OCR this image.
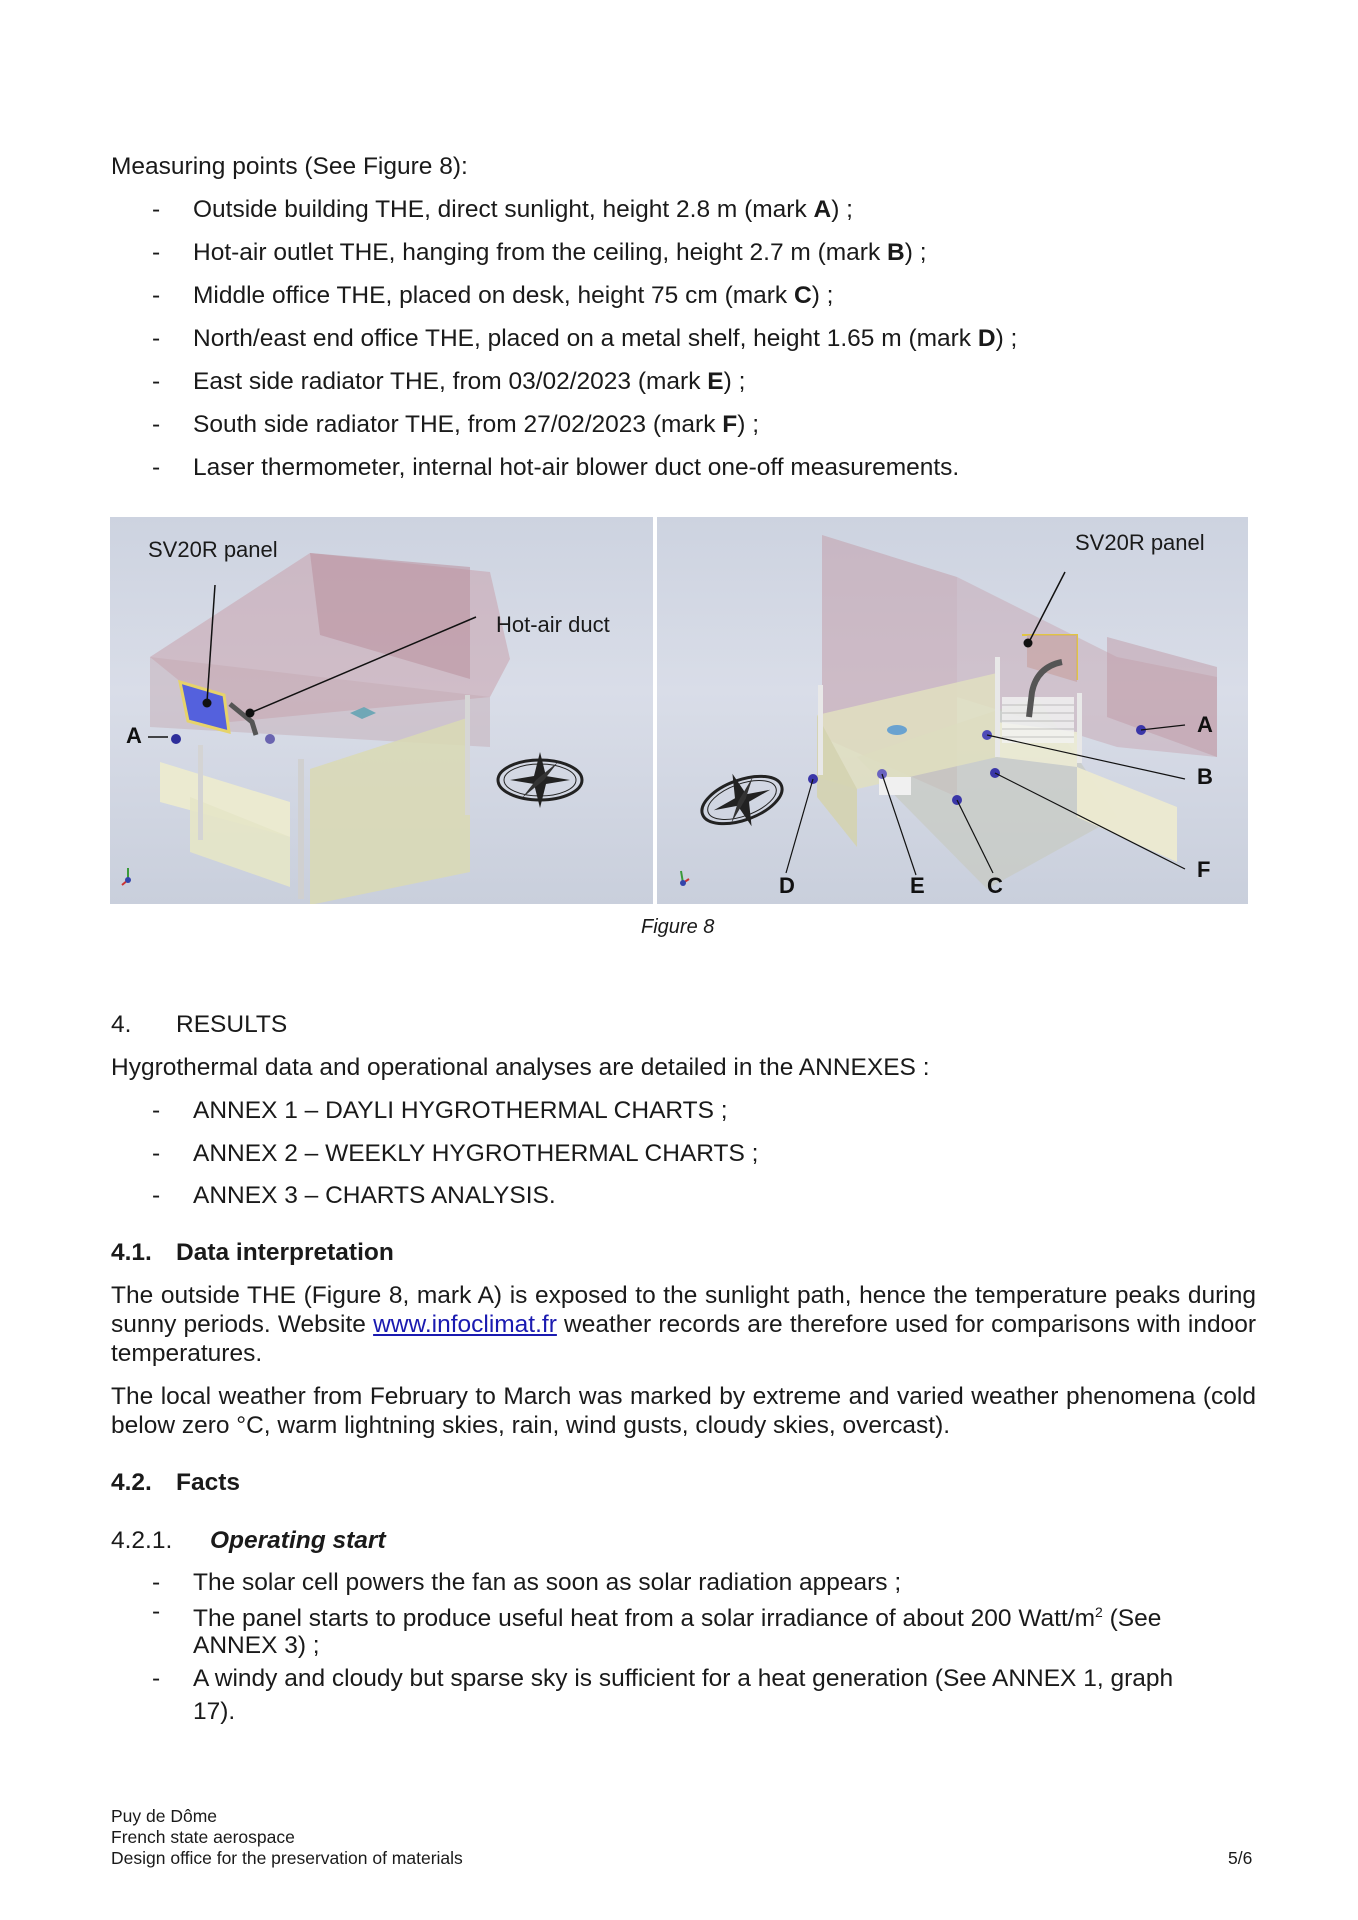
Measuring points (See Figure 8):
- Outside building THE, direct sunlight, height 2.8 m (mark A) ;
- Hot-air outlet THE, hanging from the ceiling, height 2.7 m (mark B) ;
- Middle office THE, placed on desk, height 75 cm (mark C) ;
- North/east end office THE, placed on a metal shelf, height 1.65 m (mark D) ;
- East side radiator THE, from 03/02/2023 (mark E) ;
- South side radiator THE, from 27/02/2023 (mark F) ;
- Laser thermometer, internal hot-air blower duct one-off measurements.
SV20R panel
Hot-air duct
A
SV20R panel
A
B
F
C
E
D
Figure 8
4. RESULTS
Hygrothermal data and operational analyses are detailed in the ANNEXES :
- ANNEX 1 – DAYLI HYGROTHERMAL CHARTS ;
- ANNEX 2 – WEEKLY HYGROTHERMAL CHARTS ;
- ANNEX 3 – CHARTS ANALYSIS.
4.1. Data interpretation
The outside THE (Figure 8, mark A) is exposed to the sunlight path, hence the temperature peaks during sunny periods. Website www.infoclimat.fr weather records are therefore used for comparisons with indoor temperatures.
The local weather from February to March was marked by extreme and varied weather phenomena (cold below zero °C, warm lightning skies, rain, wind gusts, cloudy skies, overcast).
4.2. Facts
4.2.1. Operating start
- The solar cell powers the fan as soon as solar radiation appears ;
- The panel starts to produce useful heat from a solar irradiance of about 200 Watt/$m^2$ (See
ANNEX 3) ;
- A windy and cloudy but sparse sky is sufficient for a heat generation (See ANNEX 1, graph
17).
Puy de Dôme
French state aerospace
Design office for the preservation of materials	5/6
